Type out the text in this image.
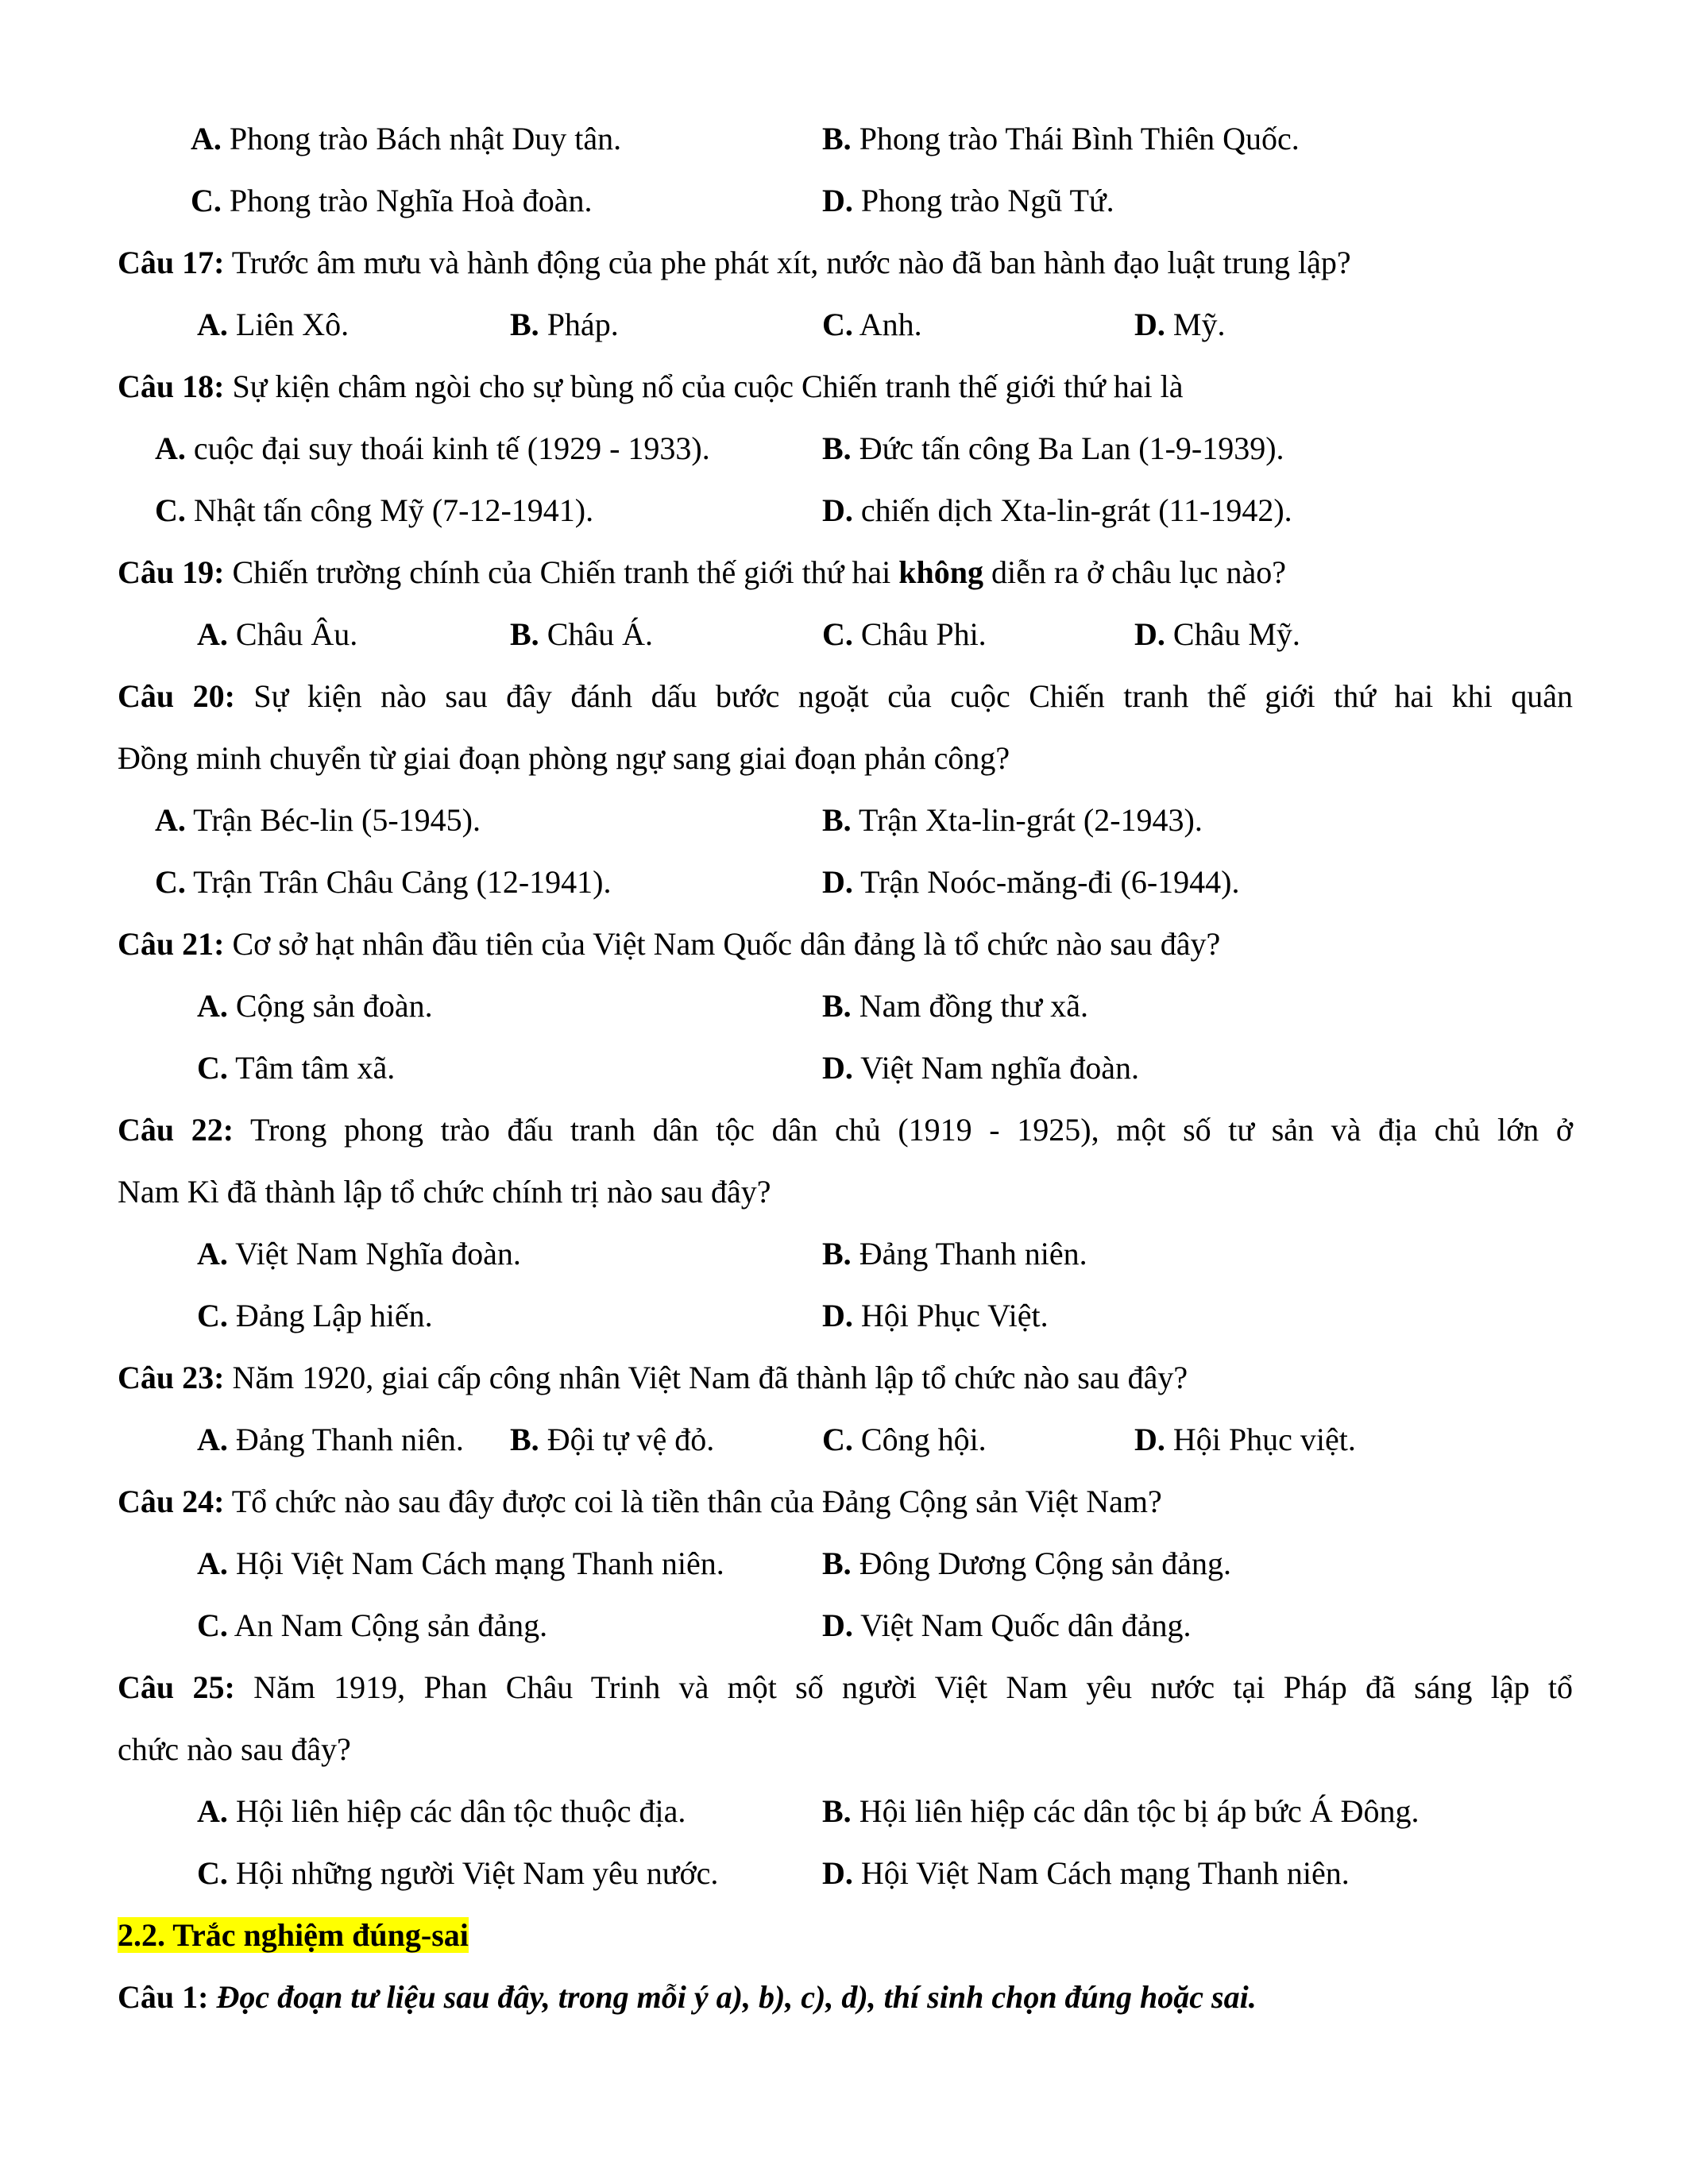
A. Phong trào Bách nhật Duy tân.	B. Phong trào Thái Bình Thiên Quốc.
C. Phong trào Nghĩa Hoà đoàn.	D. Phong trào Ngũ Tứ.
Câu 17: Trước âm mưu và hành động của phe phát xít, nước nào đã ban hành đạo luật trung lập?
A. Liên Xô.	B. Pháp.	C. Anh.	D. Mỹ.
Câu 18: Sự kiện châm ngòi cho sự bùng nổ của cuộc Chiến tranh thế giới thứ hai là
A. cuộc đại suy thoái kinh tế (1929 - 1933).	B. Đức tấn công Ba Lan (1-9-1939).
C. Nhật tấn công Mỹ (7-12-1941).	D. chiến dịch Xta-lin-grát (11-1942).
Câu 19: Chiến trường chính của Chiến tranh thế giới thứ hai không diễn ra ở châu lục nào?
A. Châu Âu.	B. Châu Á.	C. Châu Phi.	D. Châu Mỹ.
Câu 20: Sự kiện nào sau đây đánh dấu bước ngoặt của cuộc Chiến tranh thế giới thứ hai khi quân
Đồng minh chuyển từ giai đoạn phòng ngự sang giai đoạn phản công?
A. Trận Béc-lin (5-1945).	B. Trận Xta-lin-grát (2-1943).
C. Trận Trân Châu Cảng (12-1941).	D. Trận Noóc-măng-đi (6-1944).
Câu 21: Cơ sở hạt nhân đầu tiên của Việt Nam Quốc dân đảng là tổ chức nào sau đây?
A. Cộng sản đoàn.	B. Nam đồng thư xã.
C. Tâm tâm xã.	D. Việt Nam nghĩa đoàn.
Câu 22: Trong phong trào đấu tranh dân tộc dân chủ (1919 - 1925), một số tư sản và địa chủ lớn ở
Nam Kì đã thành lập tổ chức chính trị nào sau đây?
A. Việt Nam Nghĩa đoàn.	B. Đảng Thanh niên.
C. Đảng Lập hiến.	D. Hội Phục Việt.
Câu 23: Năm 1920, giai cấp công nhân Việt Nam đã thành lập tổ chức nào sau đây?
A. Đảng Thanh niên. B. Đội tự vệ đỏ.	C. Công hội.	D. Hội Phục việt.
Câu 24: Tổ chức nào sau đây được coi là tiền thân của Đảng Cộng sản Việt Nam?
A. Hội Việt Nam Cách mạng Thanh niên.	B. Đông Dương Cộng sản đảng.
C. An Nam Cộng sản đảng.	D. Việt Nam Quốc dân đảng.
Câu 25: Năm 1919, Phan Châu Trinh và một số người Việt Nam yêu nước tại Pháp đã sáng lập tổ
chức nào sau đây?
A. Hội liên hiệp các dân tộc thuộc địa.	B. Hội liên hiệp các dân tộc bị áp bức Á Đông.
C. Hội những người Việt Nam yêu nước.	D. Hội Việt Nam Cách mạng Thanh niên.
2.2. Trắc nghiệm đúng-sai
Câu 1: Đọc đoạn tư liệu sau đây, trong mỗi ý a), b), c), d), thí sinh chọn đúng hoặc sai.
